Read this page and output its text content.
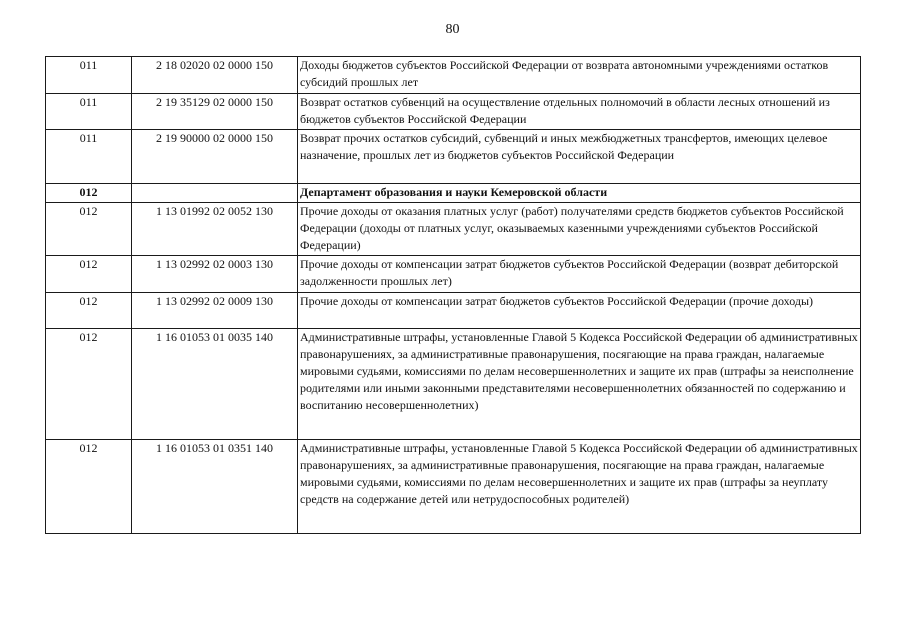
80
011	2 18 02020 02 0000 150	Доходы бюджетов субъектов Российской Федерации от возврата автономными учреждениями остатков субсидий прошлых лет
011	2 19 35129 02 0000 150	Возврат остатков субвенций на осуществление отдельных полномочий в области лесных отношений из бюджетов субъектов Российской Федерации
011	2 19 90000 02 0000 150	Возврат прочих остатков субсидий, субвенций и иных межбюджетных трансфертов, имеющих целевое назначение, прошлых лет из бюджетов субъектов Российской Федерации
012		Департамент образования и науки Кемеровской области
012	1 13 01992 02 0052 130	Прочие доходы от оказания платных услуг (работ) получателями средств бюджетов субъектов Российской Федерации (доходы от платных услуг, оказываемых казенными учреждениями субъектов Российской Федерации)
012	1 13 02992 02 0003 130	Прочие доходы от компенсации затрат бюджетов субъектов Российской Федерации (возврат дебиторской задолженности прошлых лет)
012	1 13 02992 02 0009 130	Прочие доходы от компенсации затрат бюджетов субъектов Российской Федерации (прочие доходы)
012	1 16 01053 01 0035 140	Административные штрафы, установленные Главой 5 Кодекса Российской Федерации об административных правонарушениях, за административные правонарушения, посягающие на права граждан, налагаемые мировыми судьями, комиссиями по делам несовершеннолетних и защите их прав (штрафы за неисполнение родителями или иными законными представителями несовершеннолетних обязанностей по содержанию и воспитанию несовершеннолетних)
012	1 16 01053 01 0351 140	Административные штрафы, установленные Главой 5 Кодекса Российской Федерации об административных правонарушениях, за административные правонарушения, посягающие на права граждан, налагаемые мировыми судьями, комиссиями по делам несовершеннолетних и защите их прав (штрафы за неуплату средств на содержание детей или нетрудоспособных родителей)
